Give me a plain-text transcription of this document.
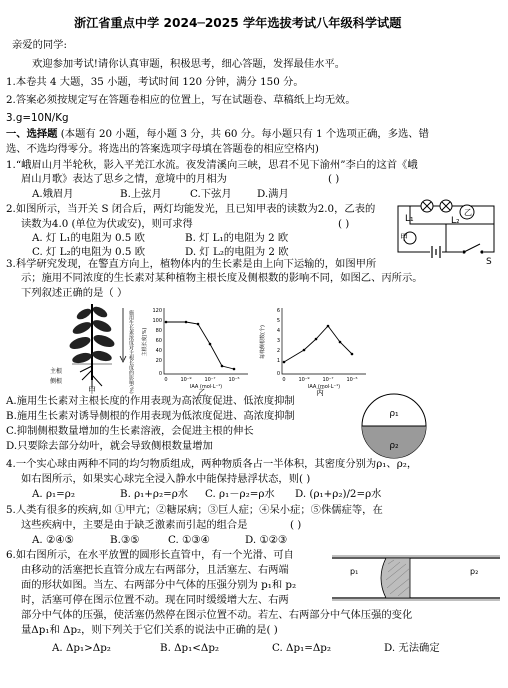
浙江省重点中学 2024─2025 学年选拔考试八年级科学试题
亲爱的同学:
欢迎参加考试!请你认真审题，积极思考，细心答题，发挥最佳水平。
1.本卷共 4 大题，35 小题，考试时间 120 分钟，满分 150 分。
2.答案必须按规定写在答题卷相应的位置上，写在试题卷、草稿纸上均无效。
3.g=10N/Kg
一、选择题 (本题有 20 小题，每小题 3 分，共 60 分。每小题只有 1 个选项正确，多选、错
选、不选均得零分。将选出的答案选项字母填在答题卷的相应空格内)
1.“峨眉山月半轮秋，影入平羌江水流。夜发清溪向三峡，思君不见下渝州”李白的这首《峨
眉山月歌》表达了思乡之情，意境中的月相为	( )
A.娥眉月	B.上弦月	C.下弦月 D.满月
2.如图所示，当开关 S 闭合后，两灯均能发光，且已知甲表的读数为2.0，乙表的
读数为4.0 (单位为伏或安)，则可求得	( )
A. 灯 L₁的电阻为 0.5 欧	B. 灯 L₁的电阻为 2 欧
C. 灯 L₂的电阻为 0.5 欧	D. 灯 L₂的电阻为 2 欧
乙
L₁	L₂
甲
S
3.科学研究发现，在警直方向上，植物体内的生长素是由上向下运输的，如图甲所
示；施用不同浓度的生长素对某种植物主根长度及侧根数的影响不同，如图乙、丙所示。
下列叙述正确的是（ ）
主根
侧根
甲	施用生长素浓度对主根长度的影响(%)	120
100
80
60
40
20
0
0	10⁻⁹	10⁻⁷	10⁻⁵
主根长度(%)
IAA (mol·L⁻¹)
乙
6
5
4
3
2
1
0
0	10⁻⁹	10⁻⁷	10⁻⁵
每株侧根数(个)
IAA (mol·L⁻¹)
丙
A.施用生长素对主根长度的作用表现为高浓度促进、低浓度抑制
B.施用生长素对诱导侧根的作用表现为低浓度促进、高浓度抑制
C.抑制侧根数量增加的生长素溶液，会促进主根的伸长
D.只要除去部分幼叶，就会导致侧根数量增加
ρ₁
ρ₂
4.一个实心球由两种不同的均匀物质组成，两种物质各占一半体积，其密度分别为ρ₁、ρ₂，
如右图所示，如果实心球完全浸入静水中能保持悬浮状态，则( )
A. ρ₁=ρ₂	B. ρ₁+ρ₂=ρ水 C. ρ₁－ρ₂=ρ水 D. (ρ₁+ρ₂)/2=ρ水
5.人类有很多的疾病,如 ①甲亢；②糖尿病；③巨人症；④呆小症；⑤侏儒症等，在
这些疾病中，主要是由于缺乏激素而引起的组合是	( )
A. ②④⑤	B.③⑤	C. ①③④	D. ①②③
6.如右图所示，在水平放置的圆形长直管中，有一个光滑、可自
由移动的活塞把长直管分成左右两部分，且活塞左、右两端
面的形状如图。当左、右两部分中气体的压强分别为 p₁和 p₂
时，活塞可停在图示位置不动。现在同时缓缓增大左、右两
部分中气体的压强，使活塞仍然停在图示位置不动。若左、右两部分中气体压强的变化
量Δp₁和 Δp₂，则下列关于它们关系的说法中正确的是( )
A. Δp₁>Δp₂	B. Δp₁<Δp₂	C. Δp₁=Δp₂	D. 无法确定
p₁	p₂
